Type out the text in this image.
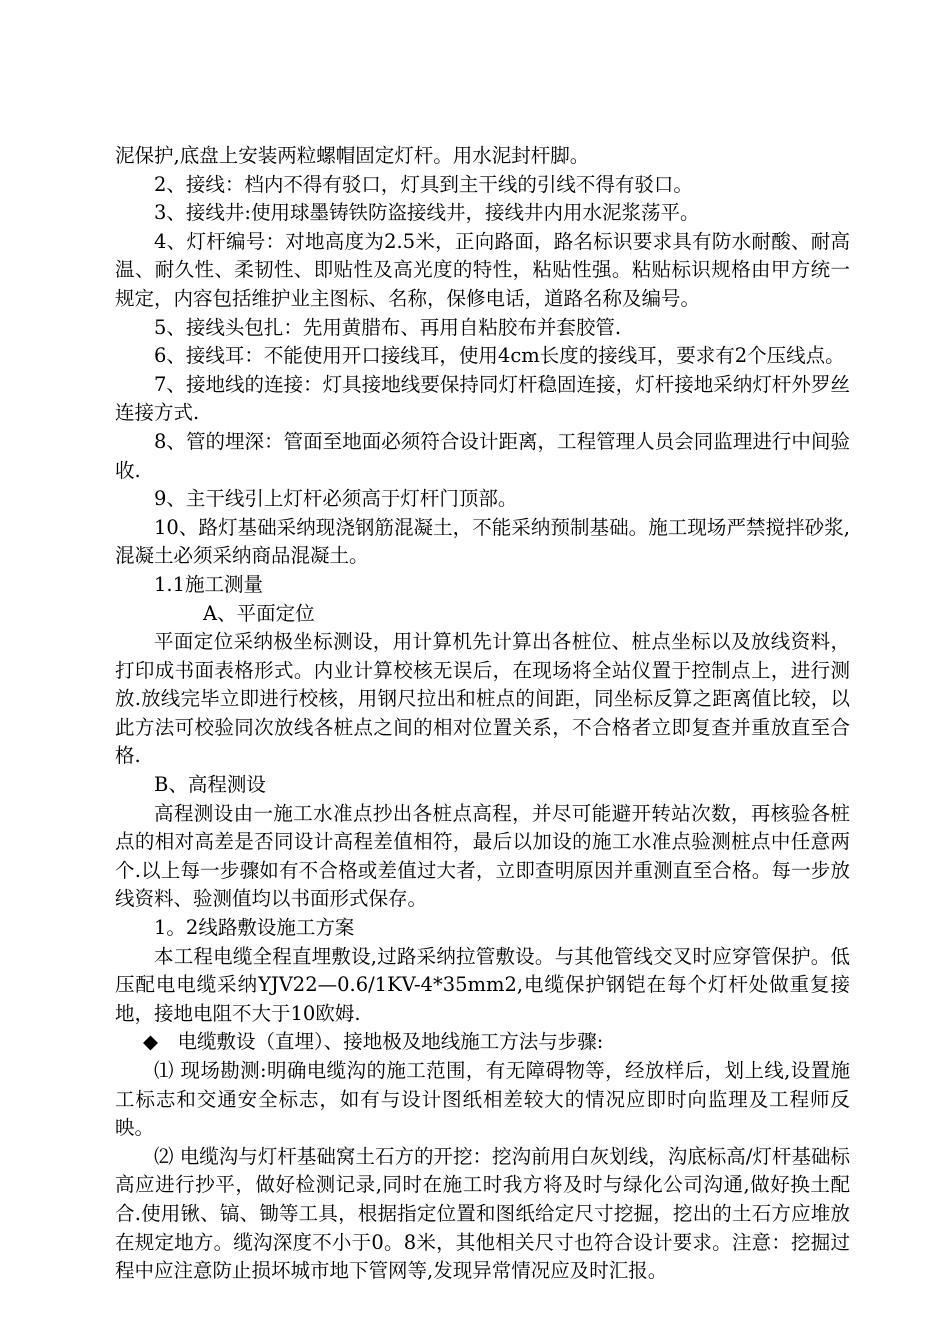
泥保护,底盘上安装两粒螺帽固定灯杆。用水泥封杆脚。

2、接线：档内不得有驳口，灯具到主干线的引线不得有驳口。

3、接线井:使用球墨铸铁防盗接线井，接线井内用水泥浆荡平。

4、灯杆编号：对地高度为2.5米，正向路面，路名标识要求具有防水耐酸、耐高温、耐久性、柔韧性、即贴性及高光度的特性，粘贴性强。粘贴标识规格由甲方统一规定，内容包括维护业主图标、名称，保修电话，道路名称及编号。

5、接线头包扎：先用黄腊布、再用自粘胶布并套胶管.

6、接线耳：不能使用开口接线耳，使用4cm长度的接线耳，要求有2个压线点。

7、接地线的连接：灯具接地线要保持同灯杆稳固连接，灯杆接地采纳灯杆外罗丝连接方式.

8、管的埋深：管面至地面必须符合设计距离，工程管理人员会同监理进行中间验收.

9、主干线引上灯杆必须高于灯杆门顶部。

10、路灯基础采纳现浇钢筋混凝土，不能采纳预制基础。施工现场严禁搅拌砂浆,混凝土必须采纳商品混凝土。

1.1施工测量

A、平面定位

平面定位采纳极坐标测设，用计算机先计算出各桩位、桩点坐标以及放线资料，打印成书面表格形式。内业计算校核无误后，在现场将全站仪置于控制点上，进行测放.放线完毕立即进行校核，用钢尺拉出和桩点的间距，同坐标反算之距离值比较，以此方法可校验同次放线各桩点之间的相对位置关系，不合格者立即复查并重放直至合格.

B、高程测设

高程测设由一施工水准点抄出各桩点高程，并尽可能避开转站次数，再核验各桩点的相对高差是否同设计高程差值相符，最后以加设的施工水准点验测桩点中任意两个.以上每一步骤如有不合格或差值过大者，立即查明原因并重测直至合格。每一步放线资料、验测值均以书面形式保存。

1。2线路敷设施工方案

本工程电缆全程直埋敷设,过路采纳拉管敷设。与其他管线交叉时应穿管保护。低压配电电缆采纳YJV22—0.6/1KV-4*35mm2,电缆保护钢铠在每个灯杆处做重复接地，接地电阻不大于10欧姆.

◆　电缆敷设（直埋）、接地极及地线施工方法与步骤:

⑴ 现场勘测:明确电缆沟的施工范围，有无障碍物等，经放样后，划上线,设置施工标志和交通安全标志，如有与设计图纸相差较大的情况应即时向监理及工程师反映。

⑵ 电缆沟与灯杆基础窝土石方的开挖：挖沟前用白灰划线，沟底标高/灯杆基础标高应进行抄平，做好检测记录,同时在施工时我方将及时与绿化公司沟通,做好换土配合.使用锹、镐、锄等工具，根据指定位置和图纸给定尺寸挖掘，挖出的土石方应堆放在规定地方。缆沟深度不小于0。8米，其他相关尺寸也符合设计要求。注意：挖掘过程中应注意防止损坏城市地下管网等,发现异常情况应及时汇报。
